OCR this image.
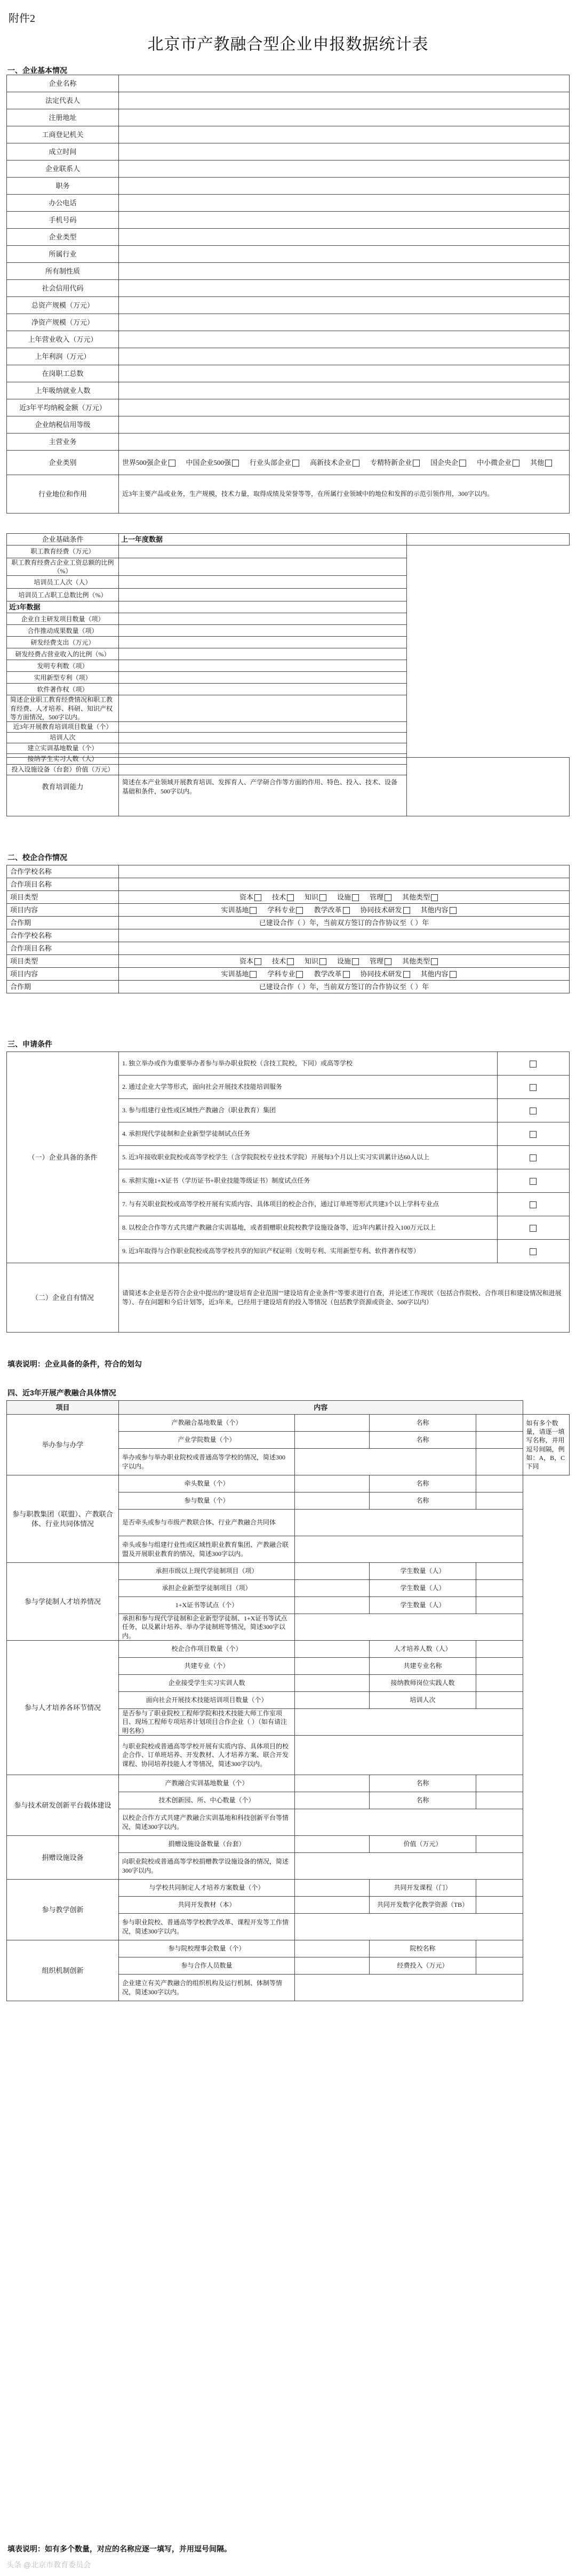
附件2
北京市产教融合型企业申报数据统计表
一、企业基本情况
企业名称	
法定代表人	
注册地址	
工商登记机关	
成立时间	
企业联系人	
职务	
办公电话	
手机号码	
企业类型	
所属行业	
所有制性质	
社会信用代码	
总资产规模（万元）	
净资产规模（万元）	
上年营业收入（万元）	
上年利润（万元）	
在岗职工总数	
上年吸纳就业人数	
近3年平均纳税金额（万元）	
企业纳税信用等级	
主营业务	
企业类别	世界500强企业 中国企业500强 行业头部企业 高新技术企业 专精特新企业 国企央企 中小微企业 其他
行业地位和作用	近3年主要产品或业务，生产规模，技术力量，取得成绩及荣誉等等，在所属行业领域中的地位和发挥的示范引领作用，300字以内。
企业基础条件	上一年度数据	
职工教育经费（万元）		
职工教育经费占企业工资总额的比例（%）		
培训员工人次（人）		
培训员工占职工总数比例（%）		
近3年数据		
企业自主研发项目数量（项）		
合作推动成果数量（项）		
研发经费支出（万元）		
研发经费占营业收入的比例（%）		
发明专利数（项）		
实用新型专利（项）		
软件著作权（项）		
简述企业职工教育经费情况和职工教育经费、人才培养、科研、知识产权等方面情况，500字以内。		
近3年开展教育培训项目数量（个）		
培训人次		
建立实训基地数量（个）		
接纳学生实习人数（人）		
投入设施设备（台套）价值（万元）		
教育培训能力	简述在本产业领域开展教育培训、发挥育人、产学研合作等方面的作用、特色、投入、技术、设备基础和条件，500字以内。	
二、校企合作情况
合作学校名称	
合作项目名称	
项目类型	资本 技术 知识 设施 管理 其他类型
项目内容	实训基地 学科专业 教学改革 协同技术研发 其他内容
合作期	已建设合作（ ）年，当前双方签订的合作协议至（ ）年
合作学校名称	
合作项目名称	
项目类型	资本 技术 知识 设施 管理 其他类型
项目内容	实训基地 学科专业 教学改革 协同技术研发 其他内容
合作期	已建设合作（ ）年，当前双方签订的合作协议至（ ）年
三、申请条件
（一）企业具备的条件	1. 独立举办或作为重要举办者参与举办职业院校（含技工院校，下同）或高等学校	
	2. 通过企业大学等形式，面向社会开展技术技能培训服务	
	3. 参与组建行业性或区域性产教融合（职业教育）集团	
	4. 承担现代学徒制和企业新型学徒制试点任务	
	5. 近3年接收职业院校或高等学校学生（含学院院校专业技术学院）开展每3个月以上实习实训累计达60人以上	
	6. 承担实施1+X证书（学历证书+职业技能等级证书）制度试点任务	
	7. 与有关职业院校或高等学校开展有实质内容、具体项目的校企合作，通过订单班等形式共建3个以上学科专业点	
	8. 以校企合作等方式共建产教融合实训基地，或者捐赠职业院校教学设施设备等，近3年内累计投入100万元以上	
	9. 近3年取得与合作职业院校或高等学校共享的知识产权证明（发明专利、实用新型专利、软件著作权等）	
（二）企业自有情况	请简述本企业是否符合企业中提出的"建设培育企业范围""建设培育企业条件"等要求进行自查，并论述工作现状（包括合作院校、合作项目和建设情况和进展等）、存在问题和今后计划等，近3年来，已经用于建设培育的投入等情况（包括教学资源或资金、500字以内）	
填表说明：企业具备的条件，符合的划勾
四、近3年开展产教融合具体情况
项目	内容				
举办参与办学	产教融合基地数量（个）		名称		如有多个数量，请逐一填写名称，并用逗号间隔，例如：A，B，C 下同
	产业学院数量（个）		名称		
	举办或参与举办职业院校或普通高等学校的情况，简述300字以内。				
参与职教集团（联盟）、产教联合体、行业共同体情况	牵头数量（个）		名称		
	参与数量（个）		名称		
	是否牵头或参与市级产教联合体、行业产教融合共同体				
	牵头或参与组建行业性或区域性职业教育集团、产教融合联盟及开展职业教育的情况，简述300字以内。				
参与学徒制人才培养情况	承担市级以上现代学徒制项目（项）		学生数量（人）		
	承担企业新型学徒制项目（项）		学生数量（人）		
	1+X证书等试点（个）		学生数量（人）		
	承担和参与现代学徒制和企业新型学徒制、1+X证书等试点任务，以及累计培养、举办学徒制班等情况，简述300字以内。				
参与人才培养各环节情况	校企合作项目数量（个）		人才培养人数（人）		
	共建专业（个）		共建专业名称		
	企业接受学生实习实训人数		接纳教师岗位实践人数		
	面向社会开展技术技能培训项目数量（个）		培训人次		
	是否参与了职业院校工程师学院和技术技能大师工作室项目、现场工程师专项培养计划项目合作企业（ ）（如有请注明名称）				
	与职业院校或普通高等学校开展有实质内容、具体项目的校企合作、订单班培养、开发教材、人才培养方案、联合开发课程、协同培养技能人才等情况，简述300字以内。				
参与技术研发创新平台载体建设	产教融合实训基地数量（个）		名称		
	技术创新园、所、中心数量（个）		名称		
	以校企合作方式共建产教融合实训基地和科技创新平台等情况，简述300字以内。				
捐赠设施设备	捐赠设施设备数量（台套）		价值（万元）		
	向职业院校或普通高等学校捐赠教学设施设备的情况，简述300字以内。				
参与教学创新	与学校共同制定人才培养方案数量（个）		共同开发课程（门）		
	共同开发教材（本）		共同开发数字化教学资源（TB）		
	参与职业院校、普通高等学校教学改革、课程开发等工作情况，简述300字以内。				
组织机制创新	参与院校理事会数量（个）		院校名称		
	参与合作人员数量		经费投入（万元）		
	企业建立有关产教融合的组织机构及运行机制、体制等情况，简述300字以内。				
填表说明：如有多个数量，对应的名称应逐一填写，并用逗号间隔。
头条 @北京市教育委员会
